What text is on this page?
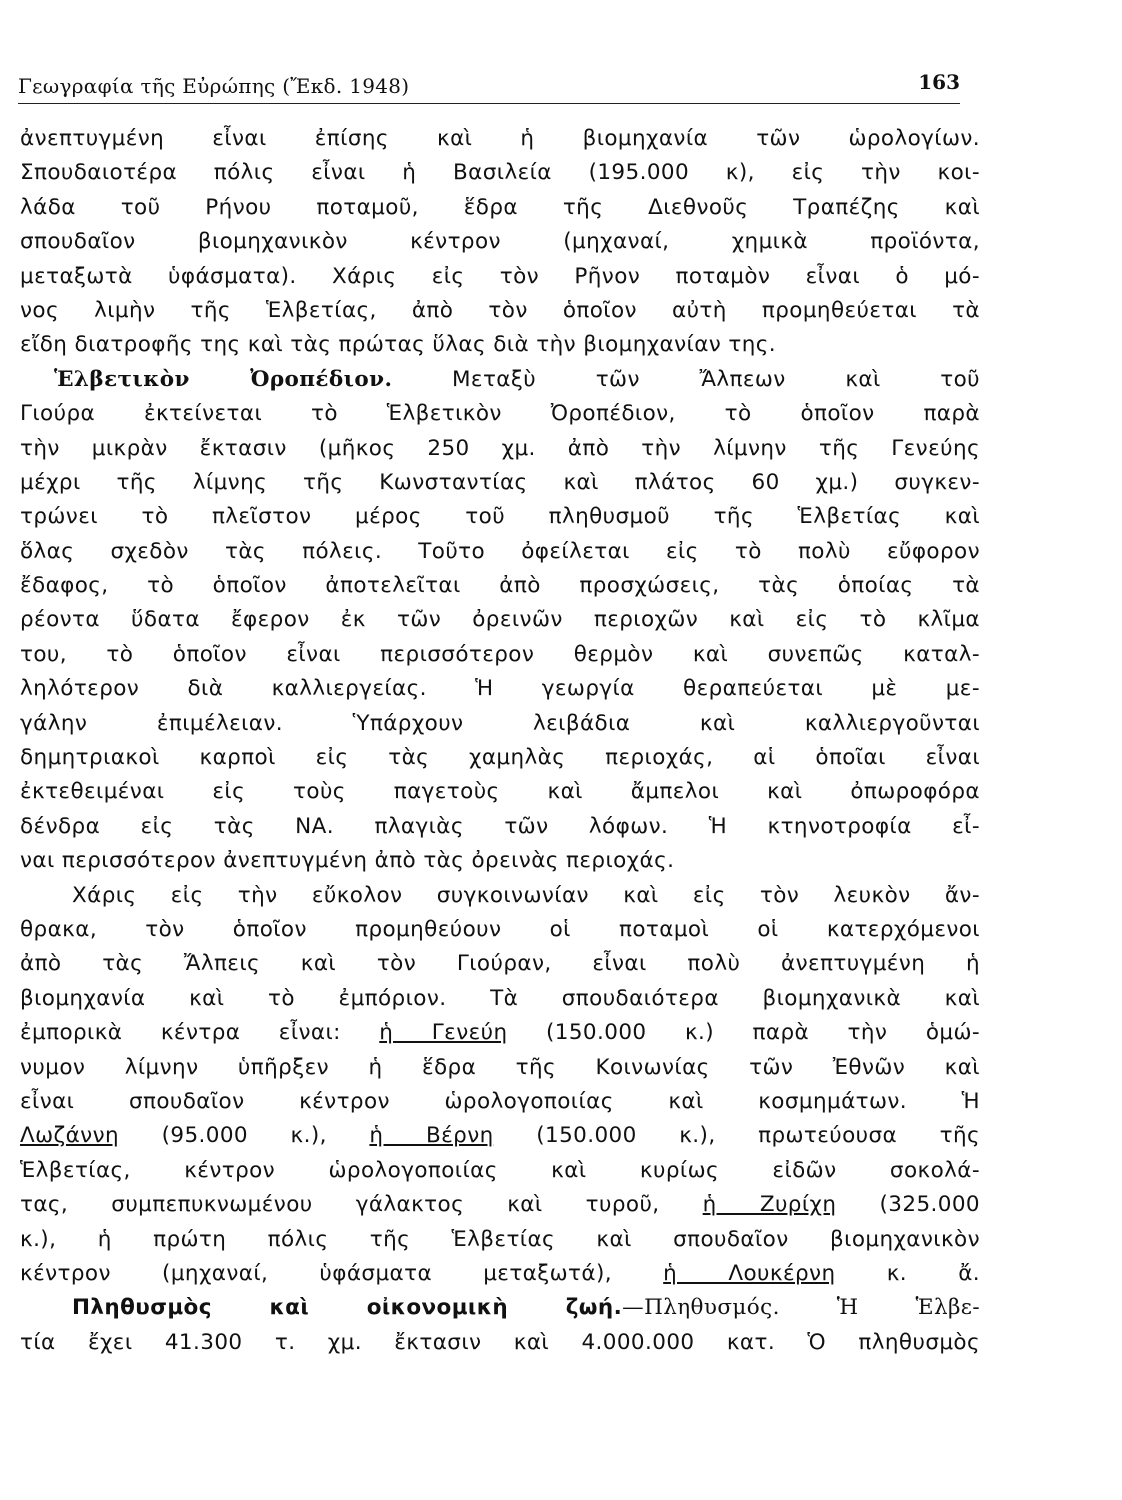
Γεωγραφία τῆς Εὐρώπης (Ἔκδ. 1948)	163
ἀνεπτυγμένη εἶναι ἐπίσης καὶ ἡ βιομηχανία τῶν ὡρολογίων.
Σπουδαιοτέρα πόλις εἶναι ἡ Βασιλεία (195.000 κ), εἰς τὴν κοι-
λάδα τοῦ Ρήνου ποταμοῦ, ἕδρα τῆς Διεθνοῦς Τραπέζης καὶ
σπουδαῖον βιομηχανικὸν κέντρον (μηχαναί, χημικὰ προϊόντα,
μεταξωτὰ ὑφάσματα). Χάρις εἰς τὸν Ρῆνον ποταμὸν εἶναι ὁ μό-
νος λιμὴν τῆς Ἑλβετίας, ἀπὸ τὸν ὁποῖον αὐτὴ προμηθεύεται τὰ
εἴδη διατροφῆς της καὶ τὰς πρώτας ὕλας διὰ τὴν βιομηχανίαν της.
Ἑλβετικὸν Ὀροπέδιον.	Μεταξὺ τῶν Ἄλπεων καὶ τοῦ
Γιούρα ἐκτείνεται τὸ Ἑλβετικὸν Ὀροπέδιον, τὸ ὁποῖον παρὰ
τὴν μικρὰν ἔκτασιν (μῆκος 250 χμ. ἀπὸ τὴν λίμνην τῆς Γενεύης
μέχρι τῆς λίμνης τῆς Κωνσταντίας καὶ πλάτος 60 χμ.) συγκεν-
τρώνει τὸ πλεῖστον μέρος τοῦ πληθυσμοῦ τῆς Ἑλβετίας καὶ
ὅλας σχεδὸν τὰς πόλεις. Τοῦτο ὀφείλεται εἰς τὸ πολὺ εὔφορον
ἔδαφος, τὸ ὁποῖον ἀποτελεῖται ἀπὸ προσχώσεις, τὰς ὁποίας τὰ
ρέοντα ὕδατα ἔφερον ἐκ τῶν ὀρεινῶν περιοχῶν καὶ εἰς τὸ κλῖμα
του, τὸ ὁποῖον εἶναι περισσότερον θερμὸν καὶ συνεπῶς καταλ-
ληλότερον διὰ καλλιεργείας. Ἡ γεωργία θεραπεύεται μὲ με-
γάλην ἐπιμέλειαν. Ὑπάρχουν λειβάδια καὶ καλλιεργοῦνται
δημητριακοὶ καρποὶ εἰς τὰς χαμηλὰς περιοχάς, αἱ ὁποῖαι εἶναι
ἐκτεθειμέναι εἰς τοὺς παγετοὺς καὶ ἄμπελοι καὶ ὀπωροφόρα
δένδρα εἰς τὰς ΝΑ. πλαγιὰς τῶν λόφων. Ἡ κτηνοτροφία εἶ-
ναι περισσότερον ἀνεπτυγμένη ἀπὸ τὰς ὀρεινὰς περιοχάς.
Χάρις εἰς τὴν εὔκολον συγκοινωνίαν καὶ εἰς τὸν λευκὸν ἄν-
θρακα, τὸν ὁποῖον προμηθεύουν οἱ ποταμοὶ οἱ κατερχόμενοι
ἀπὸ τὰς Ἄλπεις καὶ τὸν Γιούραν, εἶναι πολὺ ἀνεπτυγμένη ἡ
βιομηχανία καὶ τὸ ἐμπόριον. Τὰ σπουδαιότερα βιομηχανικὰ καὶ
ἐμπορικὰ κέντρα εἶναι: ἡ Γενεύη (150.000 κ.) παρὰ τὴν ὁμώ-
νυμον λίμνην ὑπῆρξεν ἡ ἕδρα τῆς Κοινωνίας τῶν Ἐθνῶν καὶ
εἶναι σπουδαῖον κέντρον ὡρολογοποιίας καὶ κοσμημάτων. Ἡ
Λωζάννη (95.000 κ.), ἡ Βέρνη (150.000 κ.), πρωτεύουσα τῆς
Ἑλβετίας, κέντρον ὡρολογοποιίας καὶ κυρίως εἰδῶν σοκολά-
τας, συμπεπυκνωμένου γάλακτος καὶ τυροῦ, ἡ Ζυρίχη (325.000
κ.), ἡ πρώτη πόλις τῆς Ἑλβετίας καὶ σπουδαῖον βιομηχανικὸν
κέντρον (μηχαναί, ὑφάσματα μεταξωτά), ἡ Λουκέρνη κ. ἄ.
Πληθυσμὸς καὶ οἰκονομικὴ ζωή.—Πληθυσμός. Ἡ Ἑλβε-
τία ἔχει 41.300 τ. χμ. ἔκτασιν καὶ 4.000.000 κατ. Ὁ πληθυσμὸς
